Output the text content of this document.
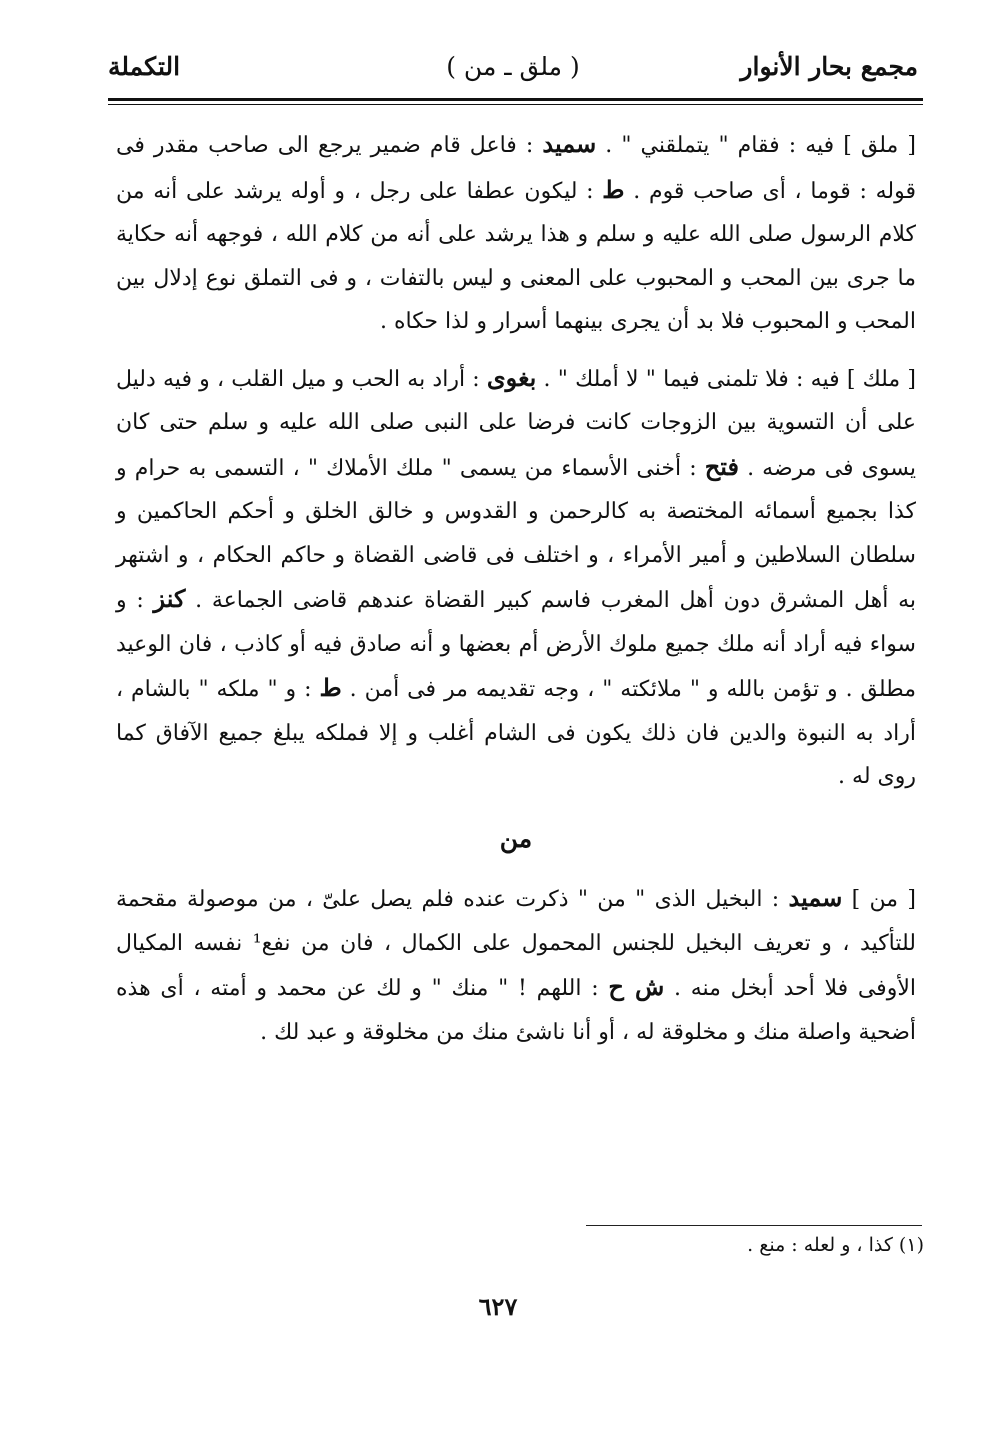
مجمع بحار الأنوار
( ملق ـ من )
التكملة

[ ملق ] فيه : فقام " يتملقني " . سميد : فاعل قام ضمير يرجع الى صاحب مقدر فى قوله : قوما ، أى صاحب قوم . ط : ليكون عطفا على رجل ، و أوله يرشد على أنه من كلام الرسول صلى الله عليه و سلم و هذا يرشد على أنه من كلام الله ، فوجهه أنه حكاية ما جرى بين المحب و المحبوب على المعنى و ليس بالتفات ، و فى التملق نوع إدلال بين المحب و المحبوب فلا بد أن يجرى بينهما أسرار و لذا حكاه .

[ ملك ] فيه : فلا تلمنى فيما " لا أملك " . بغوى : أراد به الحب و ميل القلب ، و فيه دليل على أن التسوية بين الزوجات كانت فرضا على النبى صلى الله عليه و سلم حتى كان يسوى فى مرضه . فتح : أخنى الأسماء من يسمى " ملك الأملاك " ، التسمى به حرام و كذا بجميع أسمائه المختصة به كالرحمن و القدوس و خالق الخلق و أحكم الحاكمين و سلطان السلاطين و أمير الأمراء ، و اختلف فى قاضى القضاة و حاكم الحكام ، و اشتهر به أهل المشرق دون أهل المغرب فاسم كبير القضاة عندهم قاضى الجماعة . كنز : و سواء فيه أراد أنه ملك جميع ملوك الأرض أم بعضها و أنه صادق فيه أو كاذب ، فان الوعيد مطلق . و تؤمن بالله و " ملائكته " ، وجه تقديمه مر فى أمن . ط : و " ملكه " بالشام ، أراد به النبوة والدين فان ذلك يكون فى الشام أغلب و إلا فملكه يبلغ جميع الآفاق كما روى له .

من

[ من ] سميد : البخيل الذى " من " ذكرت عنده فلم يصل علىّ ، من موصولة مقحمة للتأكيد ، و تعريف البخيل للجنس المحمول على الكمال ، فان من نفع¹ نفسه المكيال الأوفى فلا أحد أبخل منه . ش ح : اللهم ! " منك " و لك عن محمد و أمته ، أى هذه أضحية واصلة منك و مخلوقة له ، أو أنا ناشئ منك من مخلوقة و عبد لك .

(١) كذا ، و لعله : منع .
٦٢٧
